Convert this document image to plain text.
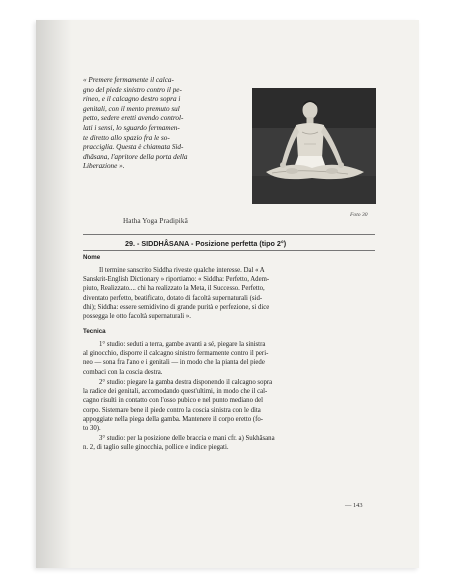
« Premere fermamente il calca-
gno del piede sinistro contro il pe-
rineo, e il calcagno destro sopra i
genitali, con il mento premuto sul
petto, sedere eretti avendo control-
lati i sensi, lo sguardo fermamen-
te diretto allo spazio fra le so-
pracciglia. Questa è chiamata Sid-
dhâsana, l'apritore della porta della
Liberazione ».
Hatha Yoga Pradipikâ
Foto 30
29. - SIDDHÂSANA - Posizione perfetta (tipo 2°)
Nome

Il termine sanscrito Siddha riveste qualche interesse. Dal « A

Sanskrit-English Dictionary » riportiamo: « Siddha: Perfetto, Adem-

piuto, Realizzato.... chi ha realizzato la Meta, il Successo. Perfetto,

diventato perfetto, beatificato, dotato di facoltà supernaturali (sid-

dhi); Siddha: essere semidivino di grande purità e perfezione, si dice

possegga le otto facoltà supernaturali ».

Tecnica

1° studio: seduti a terra, gambe avanti a sé, piegare la sinistra

al ginocchio, disporre il calcagno sinistro fermamente contro il peri-

neo — sona fra l'ano e i genitali — in modo che la pianta del piede

combaci con la coscia destra.

2° studio: piegare la gamba destra disponendo il calcagno sopra

la radice dei genitali, accomodando quest'ultimi, in modo che il cal-

cagno risulti in contatto con l'osso pubico e nel punto mediano del

corpo. Sistemare bene il piede contro la coscia sinistra con le dita

appoggiate nella piega della gamba. Mantenere il corpo eretto (fo-

to 30).

3° studio: per la posizione delle braccia e mani cfr. a) Sukhâsana

n. 2, di taglio sulle ginocchia, pollice e indice piegati.

— 143
